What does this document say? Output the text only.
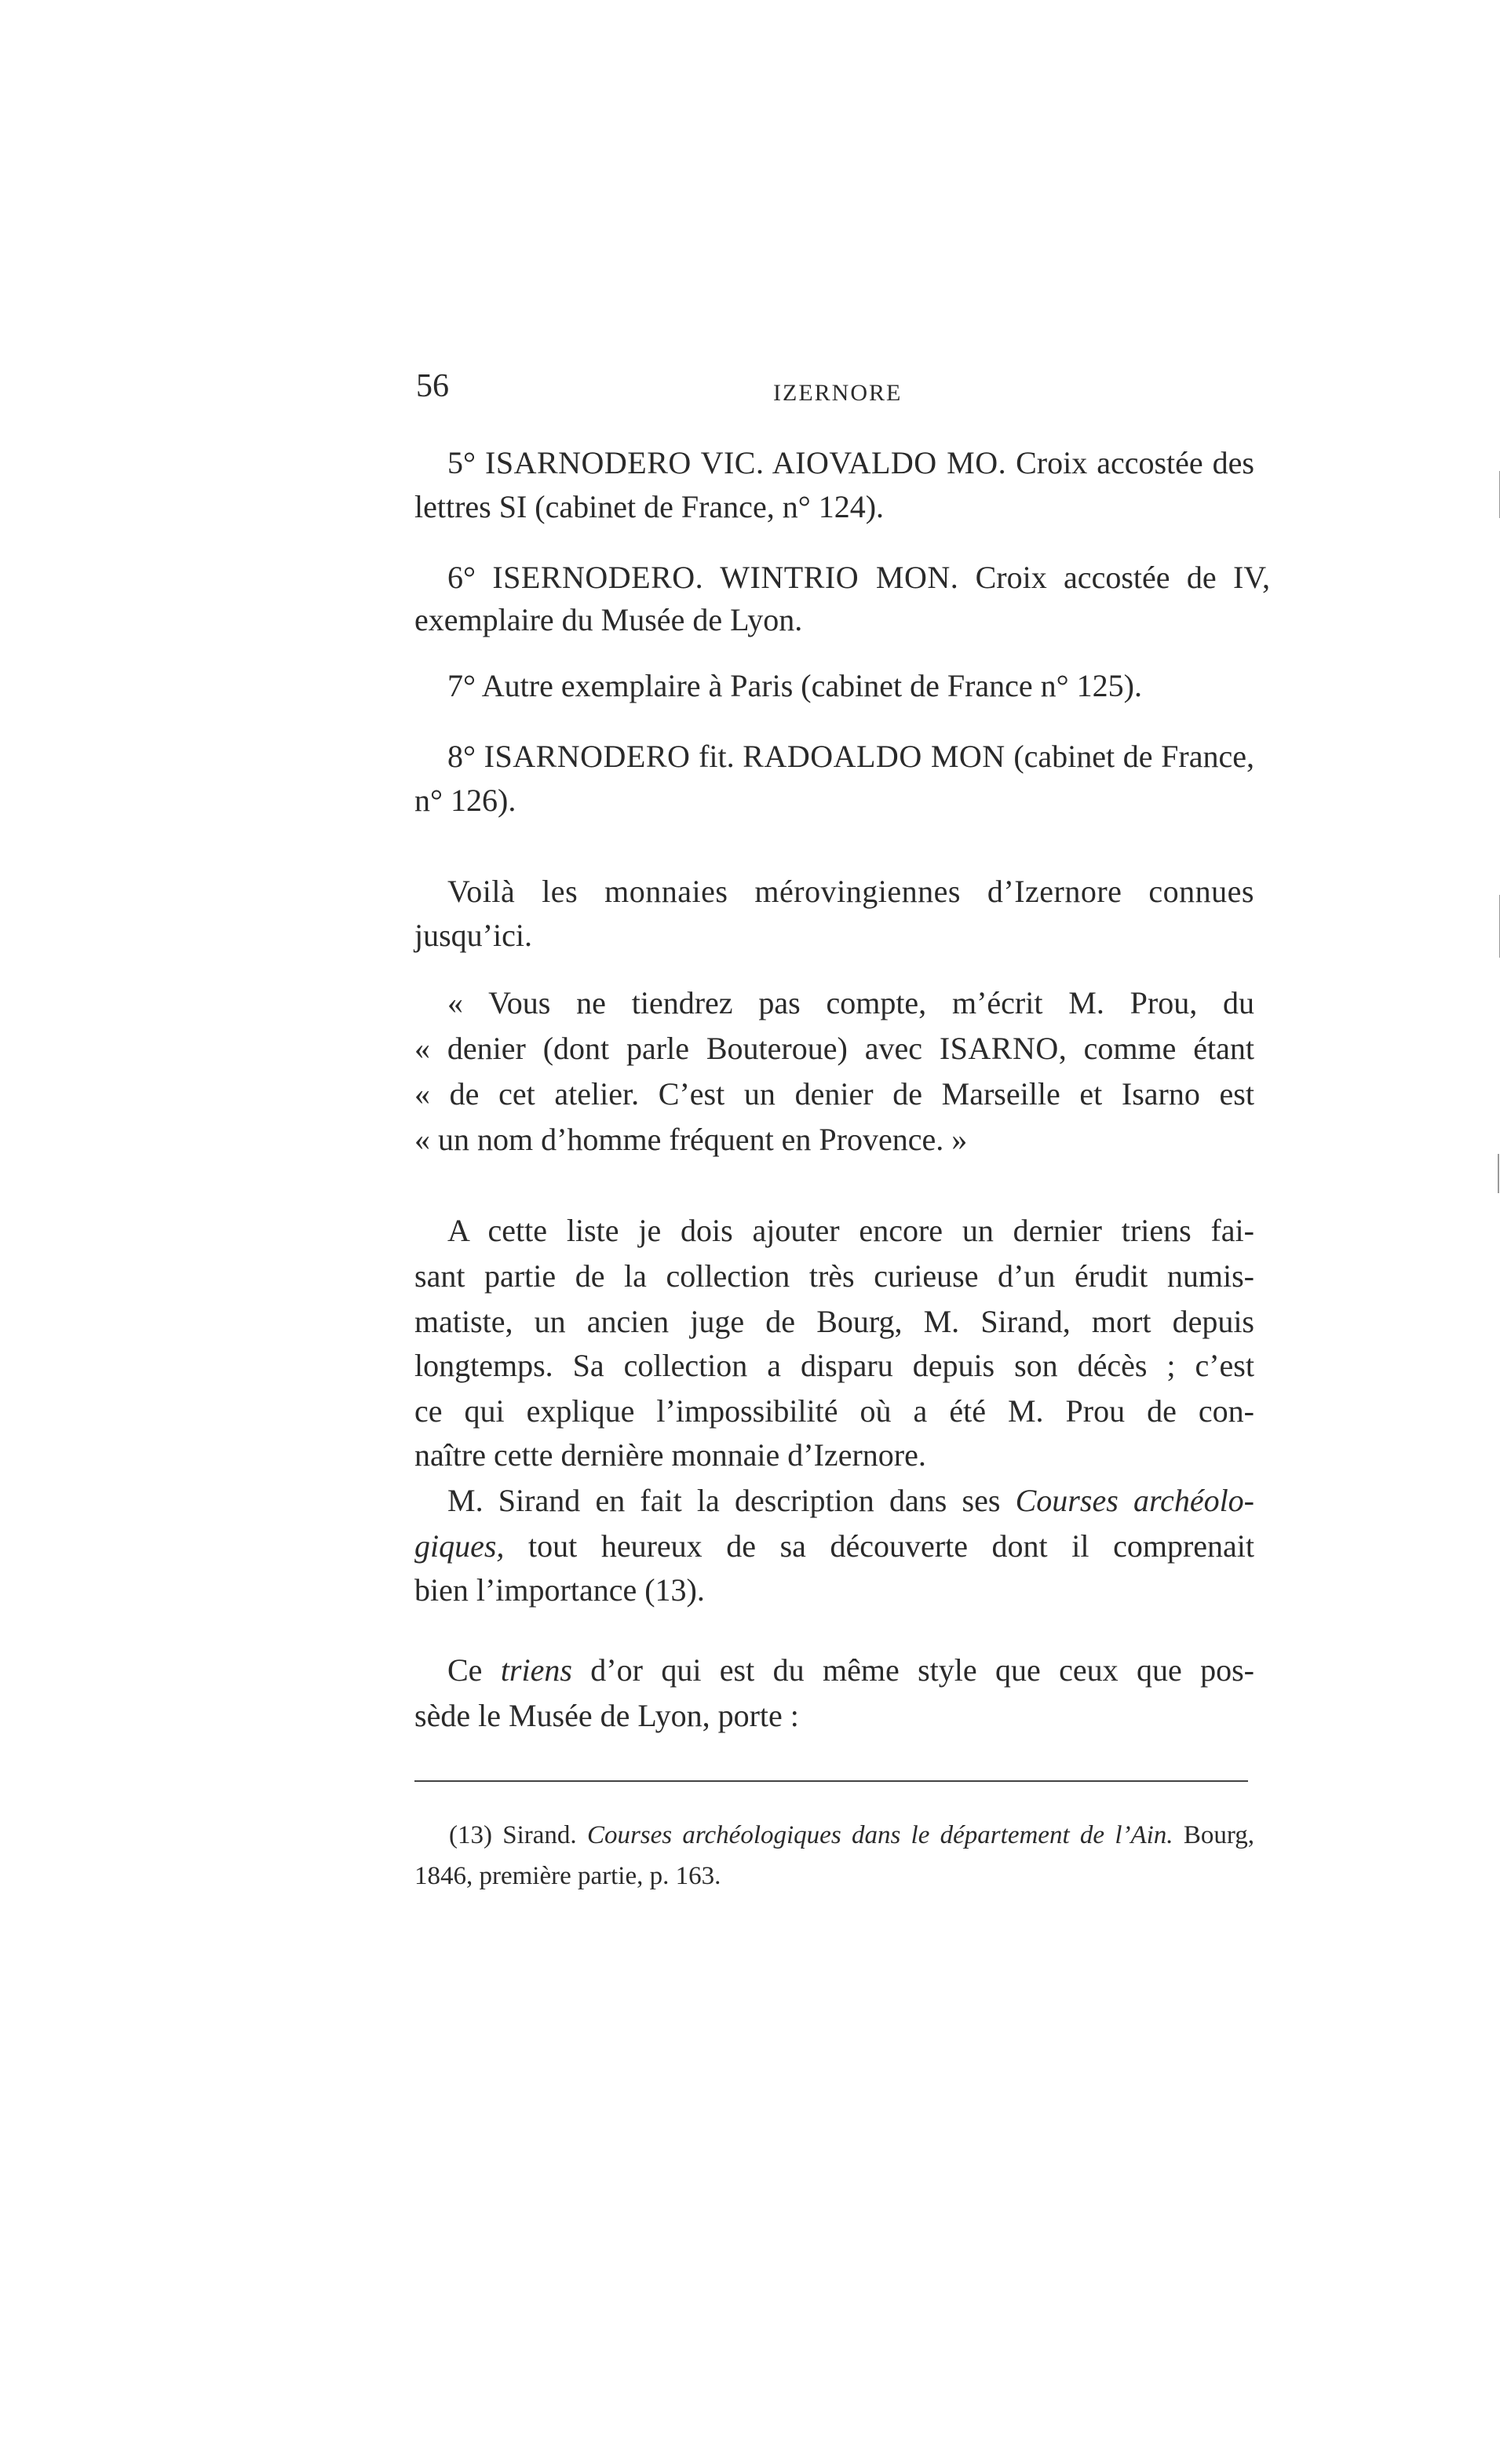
56	IZERNORE
5° ISARNODERO VIC. AIOVALDO MO. Croix accostée des
lettres SI (cabinet de France, n° 124).
6° ISERNODERO. WINTRIO MON. Croix accostée de IV,
exemplaire du Musée de Lyon.
7° Autre exemplaire à Paris (cabinet de France n° 125).
8° ISARNODERO fit. RADOALDO MON (cabinet de France,
n° 126).
Voilà les monnaies mérovingiennes d’Izernore connues
jusqu’ici.
« Vous ne tiendrez pas compte, m’écrit M. Prou, du
« denier (dont parle Bouteroue) avec ISARNO, comme étant
« de cet atelier. C’est un denier de Marseille et Isarno est
« un nom d’homme fréquent en Provence. »
A cette liste je dois ajouter encore un dernier triens fai-
sant partie de la collection très curieuse d’un érudit numis-
matiste, un ancien juge de Bourg, M. Sirand, mort depuis
longtemps. Sa collection a disparu depuis son décès ; c’est
ce qui explique l’impossibilité où a été M. Prou de con-
naître cette dernière monnaie d’Izernore.
M. Sirand en fait la description dans ses Courses archéolo-
giques, tout heureux de sa découverte dont il comprenait
bien l’importance (13).
Ce triens d’or qui est du même style que ceux que pos-
sède le Musée de Lyon, porte :
(13) Sirand. Courses archéologiques dans le département de l’Ain. Bourg,
1846, première partie, p. 163.
